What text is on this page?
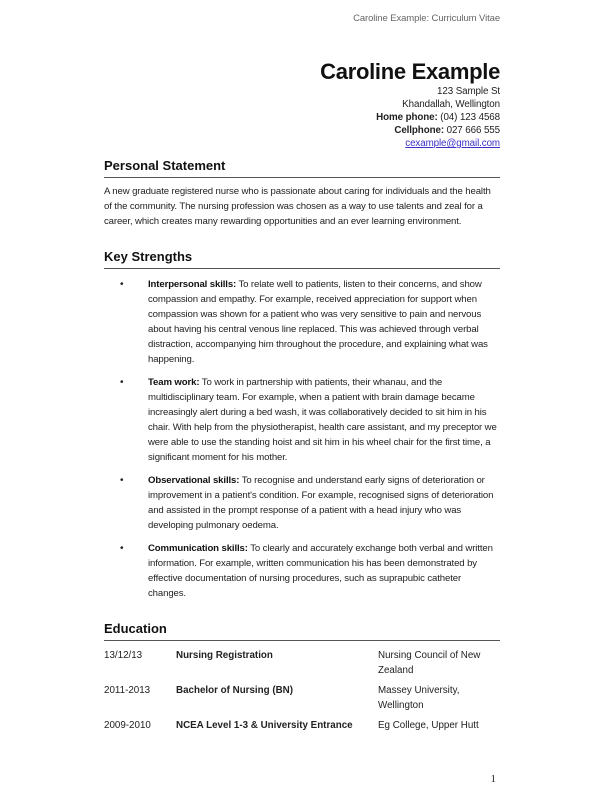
Caroline Example: Curriculum Vitae
Caroline Example
123 Sample St
Khandallah, Wellington
Home phone: (04) 123 4568
Cellphone: 027 666 555
cexample@gmail.com
Personal Statement
A new graduate registered nurse who is passionate about caring for individuals and the health of the community. The nursing profession was chosen as a way to use talents and zeal for a career, which creates many rewarding opportunities and an ever learning environment.
Key Strengths
•	Interpersonal skills: To relate well to patients, listen to their concerns, and show compassion and empathy. For example, received appreciation for support when compassion was shown for a patient who was very sensitive to pain and nervous about having his central venous line replaced. This was achieved through verbal distraction, accompanying him throughout the procedure, and explaining what was happening.
•	Team work: To work in partnership with patients, their whanau, and the multidisciplinary team. For example, when a patient with brain damage became increasingly alert during a bed wash, it was collaboratively decided to sit him in his chair. With help from the physiotherapist, health care assistant, and my preceptor we were able to use the standing hoist and sit him in his wheel chair for the first time, a significant moment for his mother.
•	Observational skills: To recognise and understand early signs of deterioration or improvement in a patient's condition. For example, recognised signs of deterioration and assisted in the prompt response of a patient with a head injury who was developing pulmonary oedema.
•	Communication skills: To clearly and accurately exchange both verbal and written information. For example, written communication his has been demonstrated by effective documentation of nursing procedures, such as suprapubic catheter changes.
Education
13/12/13	Nursing Registration	Nursing Council of New Zealand
2011-2013	Bachelor of Nursing (BN)	Massey University, Wellington
2009-2010	NCEA Level 1-3 & University Entrance	Eg College, Upper Hutt
1
